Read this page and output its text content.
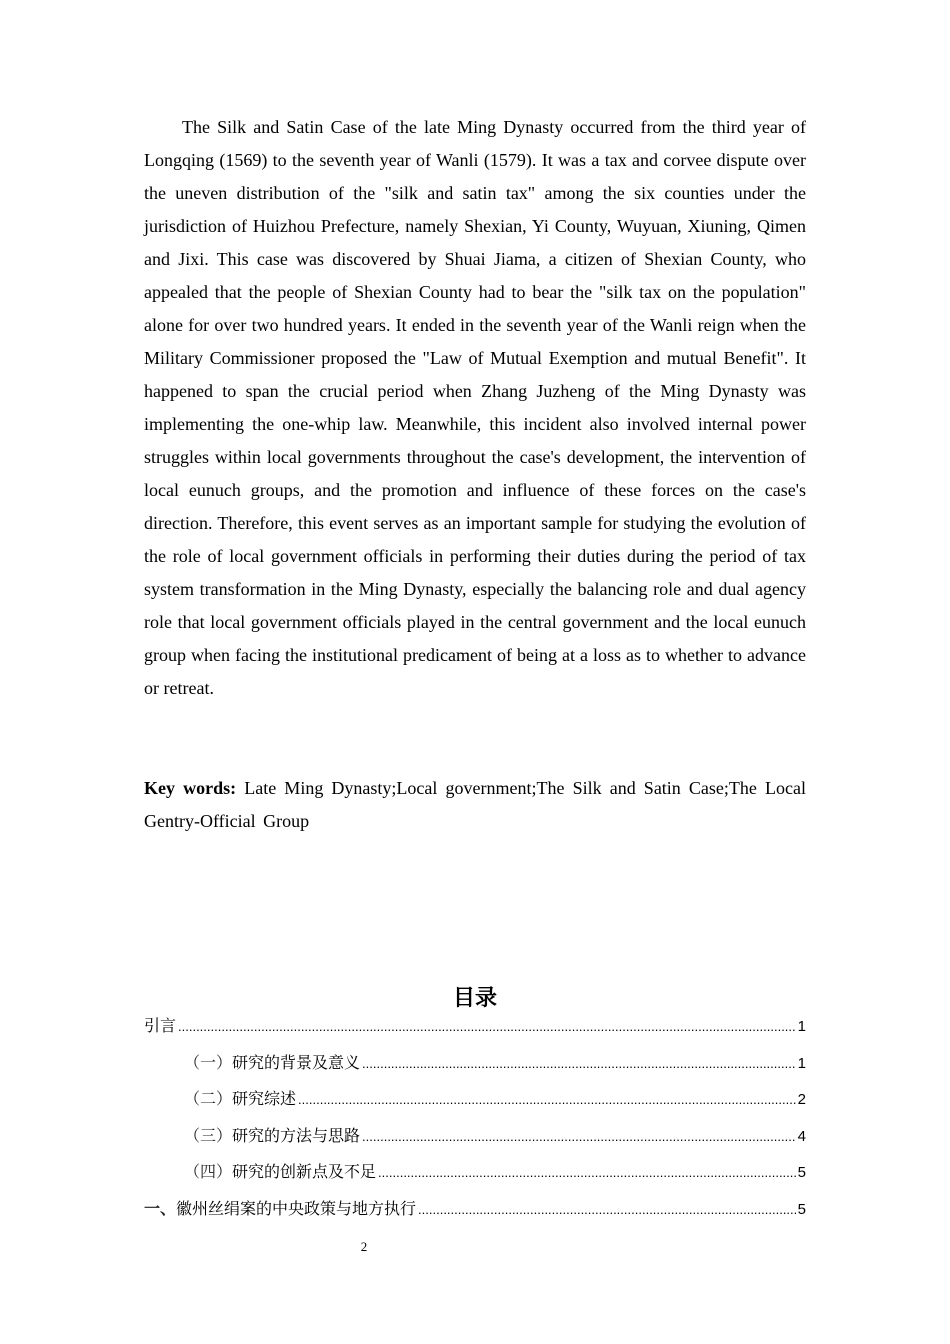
The Silk and Satin Case of the late Ming Dynasty occurred from the third year of Longqing (1569) to the seventh year of Wanli (1579). It was a tax and corvee dispute over the uneven distribution of the "silk and satin tax" among the six counties under the jurisdiction of Huizhou Prefecture, namely Shexian, Yi County, Wuyuan, Xiuning, Qimen and Jixi. This case was discovered by Shuai Jiama, a citizen of Shexian County, who appealed that the people of Shexian County had to bear the "silk tax on the population" alone for over two hundred years. It ended in the seventh year of the Wanli reign when the Military Commissioner proposed the "Law of Mutual Exemption and mutual Benefit". It happened to span the crucial period when Zhang Juzheng of the Ming Dynasty was implementing the one-whip law. Meanwhile, this incident also involved internal power struggles within local governments throughout the case's development, the intervention of local eunuch groups, and the promotion and influence of these forces on the case's direction. Therefore, this event serves as an important sample for studying the evolution of the role of local government officials in performing their duties during the period of tax system transformation in the Ming Dynasty, especially the balancing role and dual agency role that local government officials played in the central government and the local eunuch group when facing the institutional predicament of being at a loss as to whether to advance or retreat.

Key words: Late Ming Dynasty;Local government;The Silk and Satin Case;The Local Gentry-Official Group

目录
引言 .....	1
（一） 研究的背景及意义 .....	1
（二） 研究综述 .....	2
（三） 研究的方法与思路 .....	4
（四） 研究的创新点及不足 .....	5
一、 徽州丝绢案的中央政策与地方执行 .....	5
2
